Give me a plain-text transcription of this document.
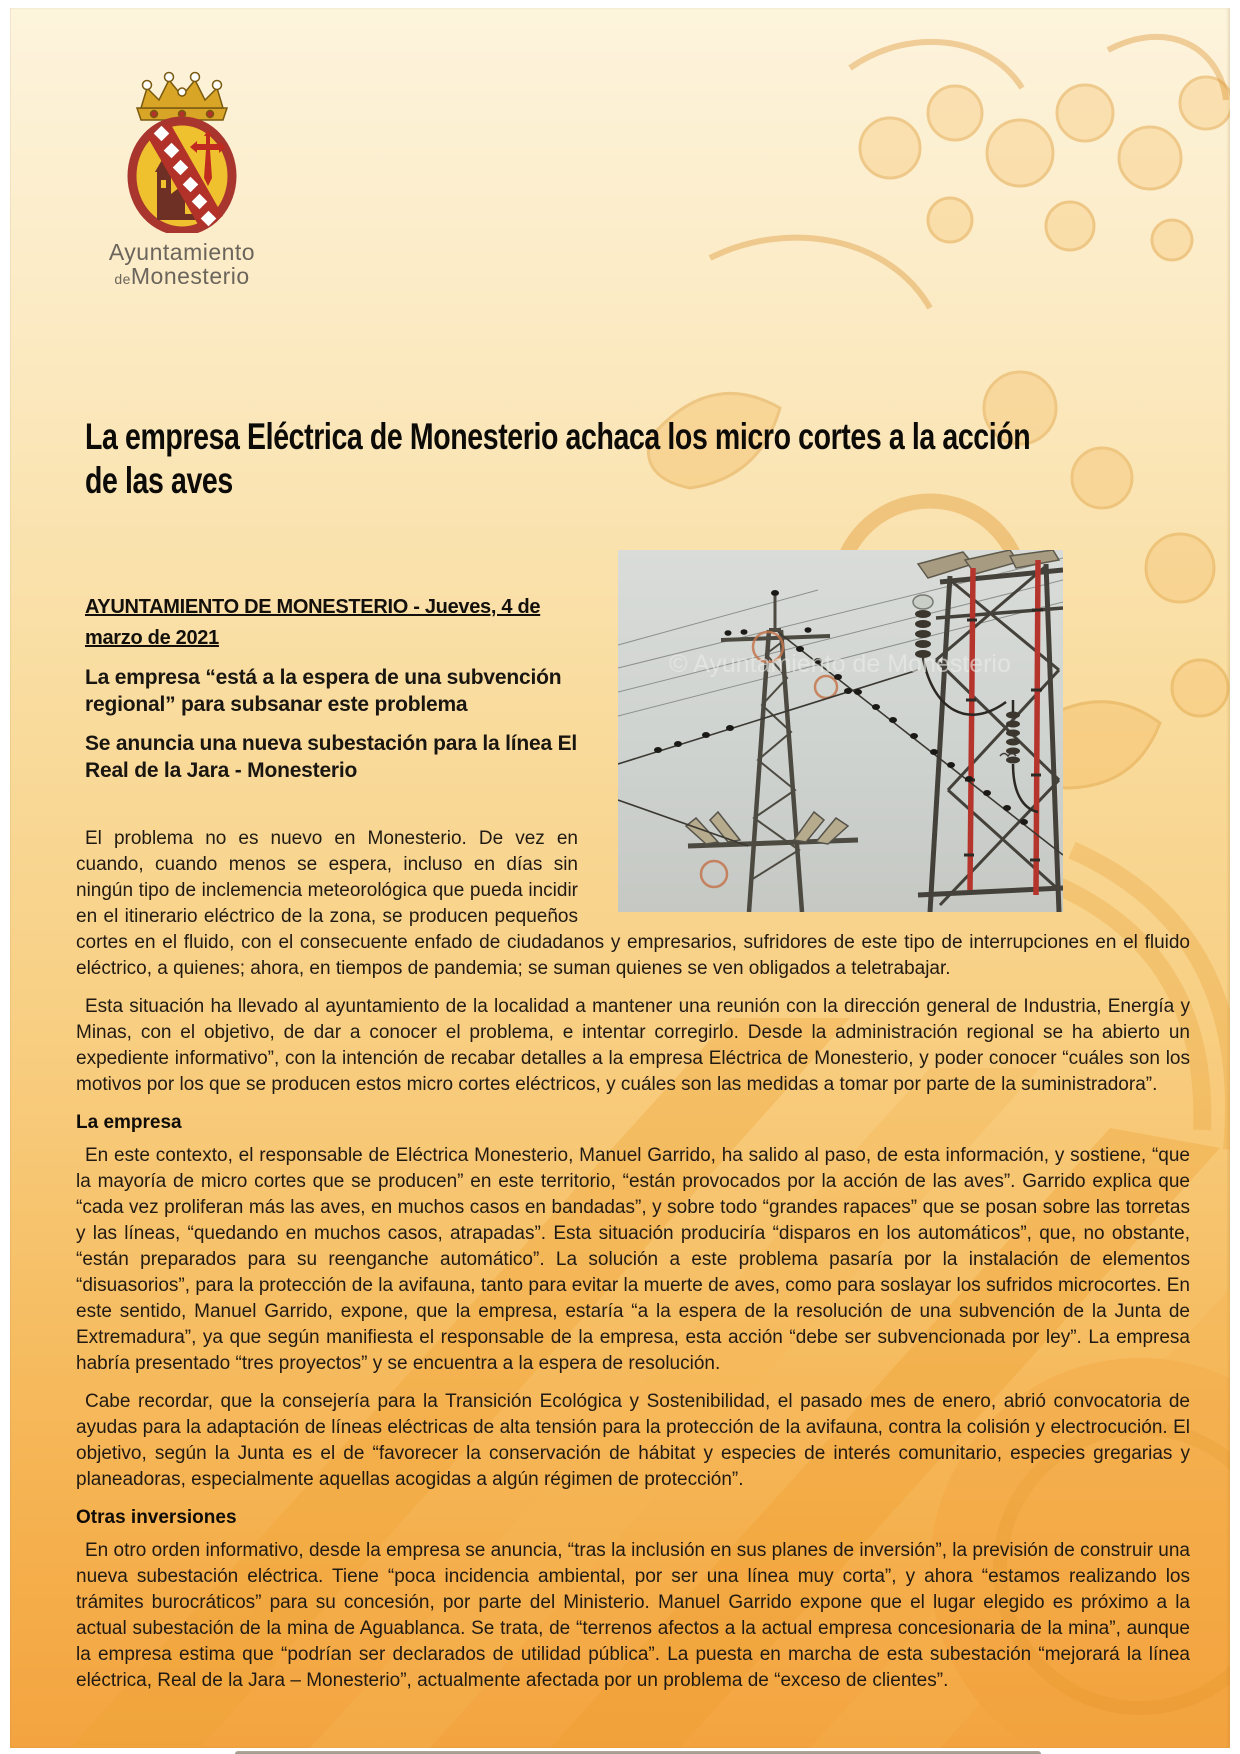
Ayuntamiento
deMonesterio
La empresa Eléctrica de Monesterio achaca los micro cortes a la acción de las aves

AYUNTAMIENTO DE MONESTERIO - Jueves, 4 de marzo de 2021

La empresa “está a la espera de una subvención regional” para subsanar este problema

Se anuncia una nueva subestación para la línea El Real de la Jara - Monesterio

© Ayuntamiento de Monesterio

El problema no es nuevo en Monesterio. De vez en cuando, cuando menos se espera, incluso en días sin ningún tipo de inclemencia meteorológica que pueda incidir en el itinerario eléctrico de la zona, se producen pequeños cortes en el fluido, con el consecuente enfado de ciudadanos y empresarios, sufridores de este tipo de interrupciones en el fluido eléctrico, a quienes; ahora, en tiempos de pandemia; se suman quienes se ven obligados a teletrabajar.

Esta situación ha llevado al ayuntamiento de la localidad a mantener una reunión con la dirección general de Industria, Energía y Minas, con el objetivo, de dar a conocer el problema, e intentar corregirlo. Desde la administración regional se ha abierto un expediente informativo”, con la intención de recabar detalles a la empresa Eléctrica de Monesterio, y poder conocer “cuáles son los motivos por los que se producen estos micro cortes eléctricos, y cuáles son las medidas a tomar por parte de la suministradora”.

La empresa

En este contexto, el responsable de Eléctrica Monesterio, Manuel Garrido, ha salido al paso, de esta información, y sostiene, “que la mayoría de micro cortes que se producen” en este territorio, “están provocados por la acción de las aves”. Garrido explica que “cada vez proliferan más las aves, en muchos casos en bandadas”, y sobre todo “grandes rapaces” que se posan sobre las torretas y las líneas, “quedando en muchos casos, atrapadas”. Esta situación produciría “disparos en los automáticos”, que, no obstante, “están preparados para su reenganche automático”. La solución a este problema pasaría por la instalación de elementos “disuasorios”, para la protección de la avifauna, tanto para evitar la muerte de aves, como para soslayar los sufridos microcortes. En este sentido, Manuel Garrido, expone, que la empresa, estaría “a la espera de la resolución de una subvención de la Junta de Extremadura”, ya que según manifiesta el responsable de la empresa, esta acción “debe ser subvencionada por ley”. La empresa habría presentado “tres proyectos” y se encuentra a la espera de resolución.

Cabe recordar, que la consejería para la Transición Ecológica y Sostenibilidad, el pasado mes de enero, abrió convocatoria de ayudas para la adaptación de líneas eléctricas de alta tensión para la protección de la avifauna, contra la colisión y electrocución. El objetivo, según la Junta es el de “favorecer la conservación de hábitat y especies de interés comunitario, especies gregarias y planeadoras, especialmente aquellas acogidas a algún régimen de protección”.

Otras inversiones

En otro orden informativo, desde la empresa se anuncia, “tras la inclusión en sus planes de inversión”, la previsión de construir una nueva subestación eléctrica. Tiene “poca incidencia ambiental, por ser una línea muy corta”, y ahora “estamos realizando los trámites burocráticos” para su concesión, por parte del Ministerio. Manuel Garrido expone que el lugar elegido es próximo a la actual subestación de la mina de Aguablanca. Se trata, de “terrenos afectos a la actual empresa concesionaria de la mina”, aunque la empresa estima que “podrían ser declarados de utilidad pública”. La puesta en marcha de esta subestación “mejorará la línea eléctrica, Real de la Jara – Monesterio”, actualmente afectada por un problema de “exceso de clientes”.
